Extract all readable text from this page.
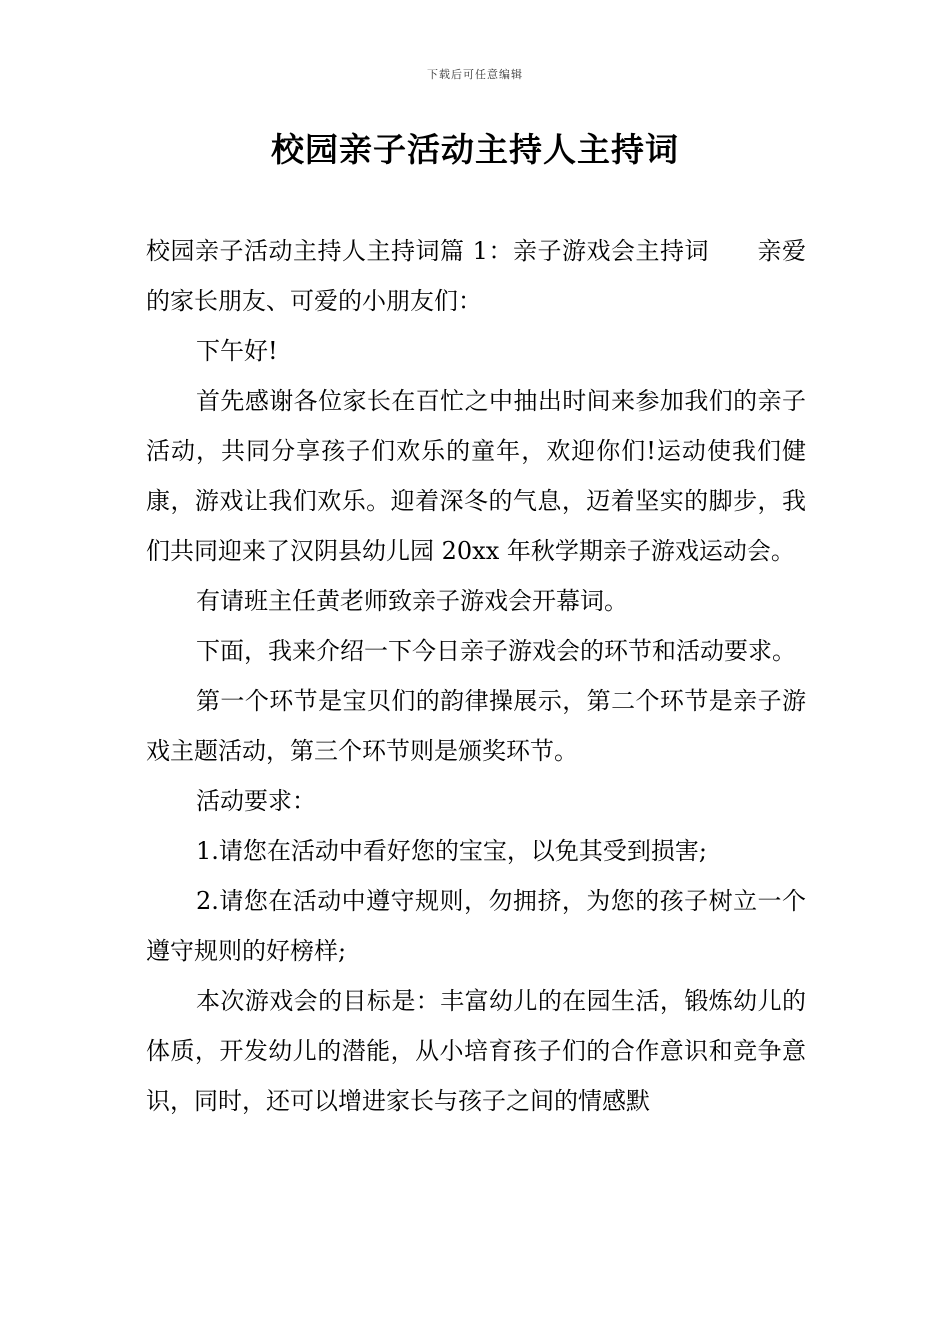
下载后可任意编辑
校园亲子活动主持人主持词

校园亲子活动主持人主持词篇 1：亲子游戏会主持词 亲爱的家长朋友、可爱的小朋友们：

下午好!

首先感谢各位家长在百忙之中抽出时间来参加我们的亲子活动，共同分享孩子们欢乐的童年，欢迎你们!运动使我们健康，游戏让我们欢乐。迎着深冬的气息，迈着坚实的脚步，我们共同迎来了汉阴县幼儿园 20xx 年秋学期亲子游戏运动会。

有请班主任黄老师致亲子游戏会开幕词。

下面，我来介绍一下今日亲子游戏会的环节和活动要求。

第一个环节是宝贝们的韵律操展示，第二个环节是亲子游戏主题活动，第三个环节则是颁奖环节。

活动要求：

1.请您在活动中看好您的宝宝，以免其受到损害;

2.请您在活动中遵守规则，勿拥挤，为您的孩子树立一个遵守规则的好榜样;

本次游戏会的目标是：丰富幼儿的在园生活，锻炼幼儿的体质，开发幼儿的潜能，从小培育孩子们的合作意识和竞争意识，同时，还可以增进家长与孩子之间的情感默
